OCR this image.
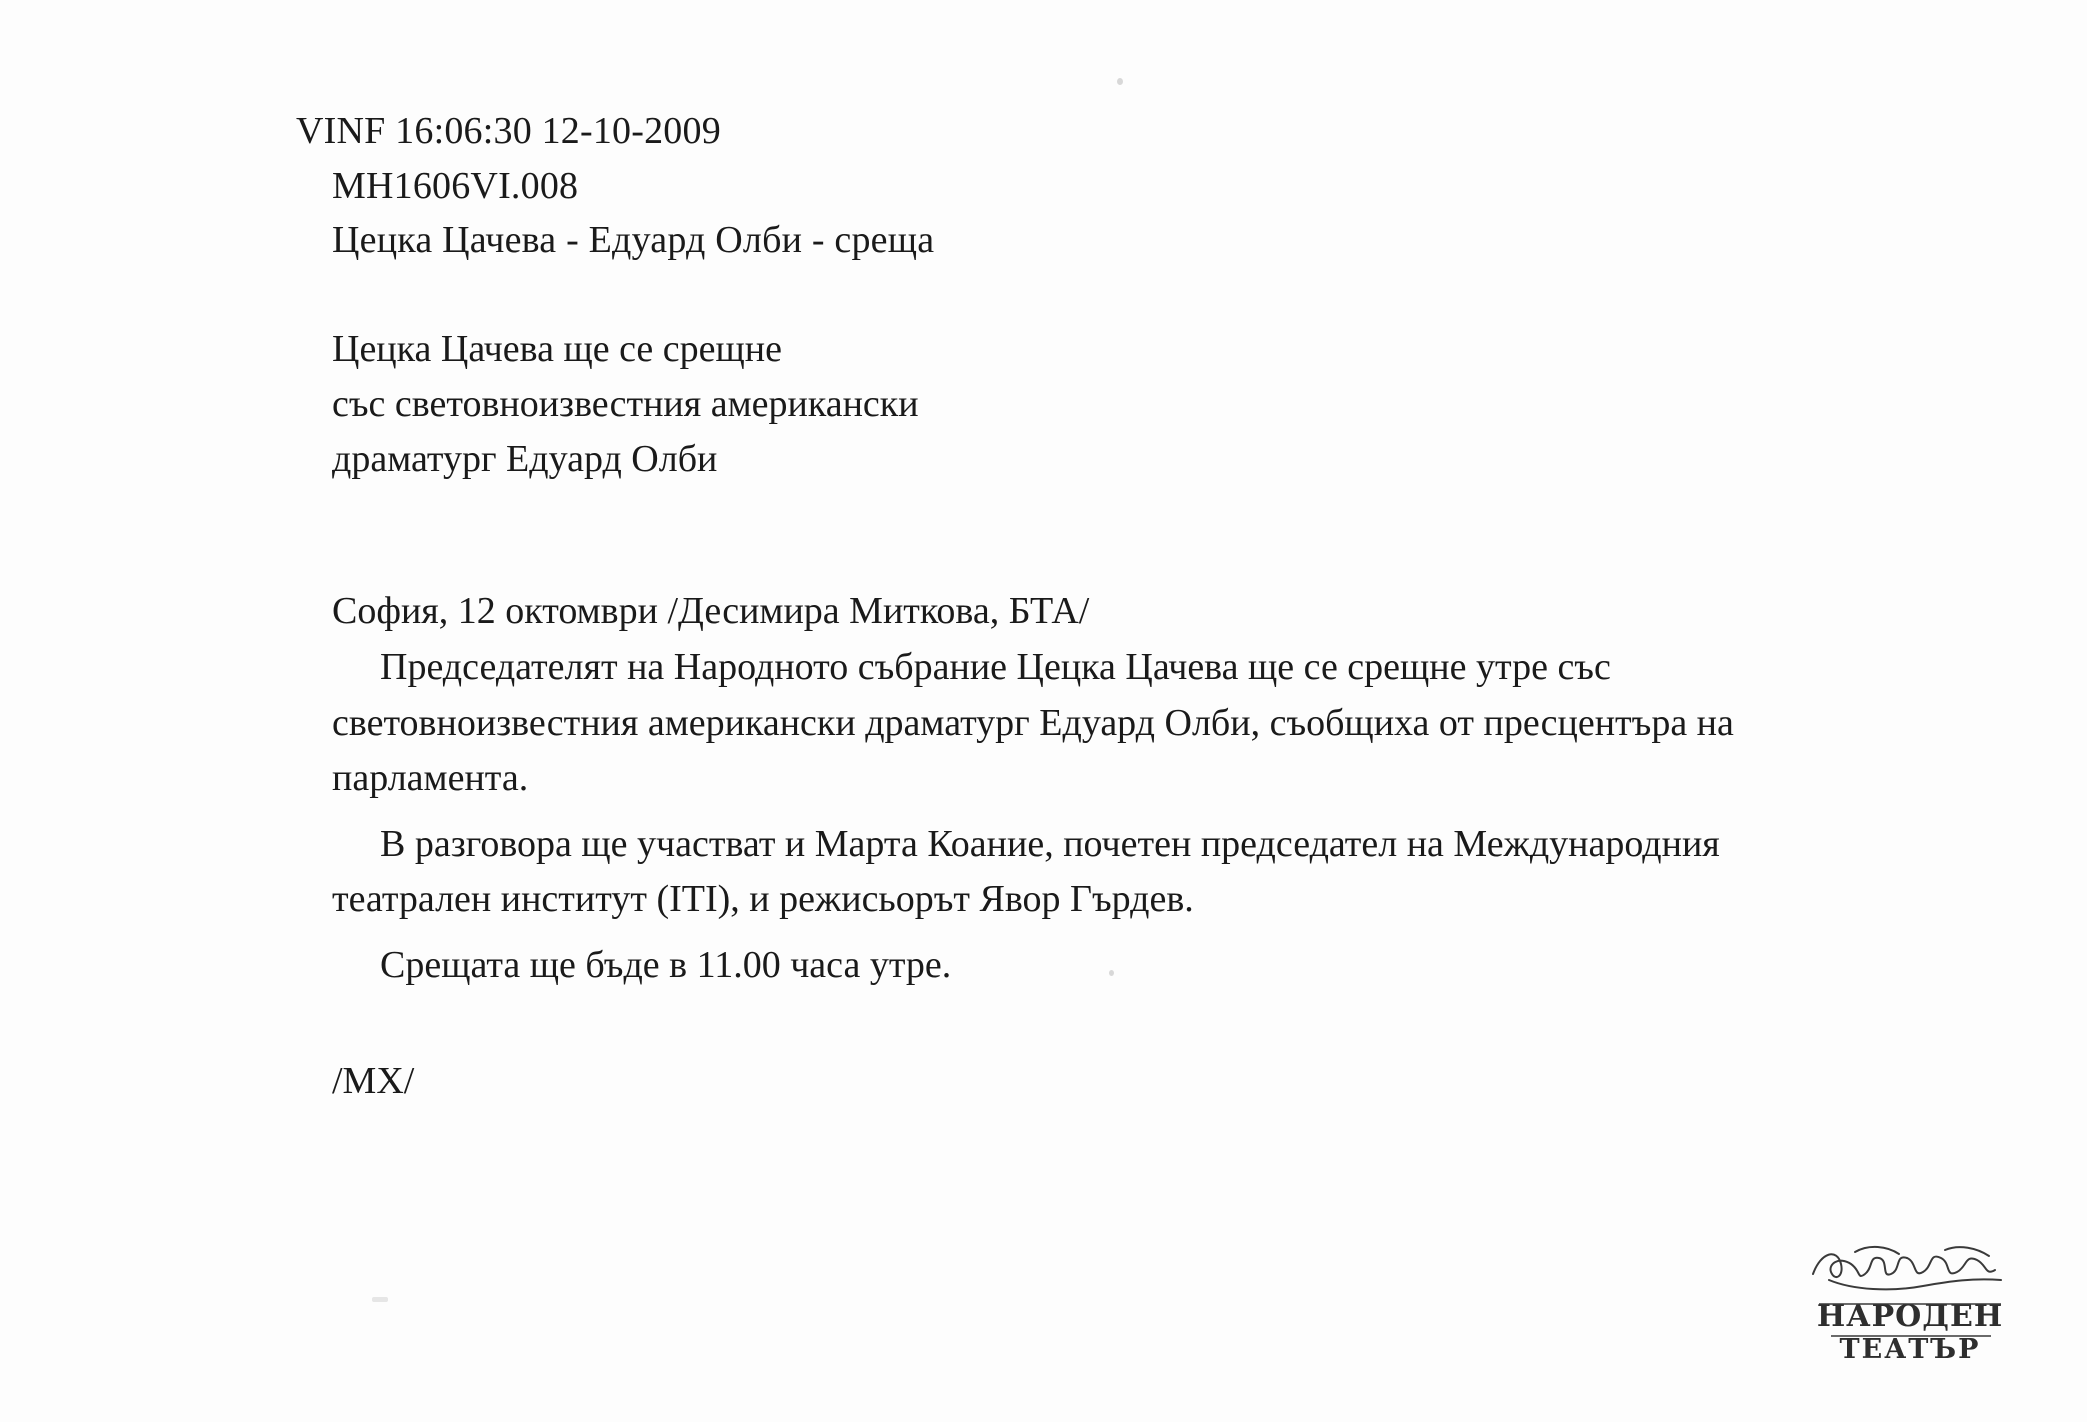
VINF 16:06:30 12-10-2009
MH1606VI.008
Цецка Цачева - Едуард Олби - среща
Цецка Цачева ще се срещне
със световноизвестния американски
драматург Едуард Олби
София, 12 октомври /Десимира Миткова, БТА/
Председателят на Народното събрание Цецка Цачева ще се срещне утре със световноизвестния американски драматург Едуард Олби, съобщиха от пресцентъра на парламента.
В разговора ще участват и Марта Коание, почетен председател на Международния театрален институт (ITI), и режисьорът Явор Гърдев.
Срещата ще бъде в 11.00 часа утре.
/MX/
НАРОДЕН
ТЕАТЪР
